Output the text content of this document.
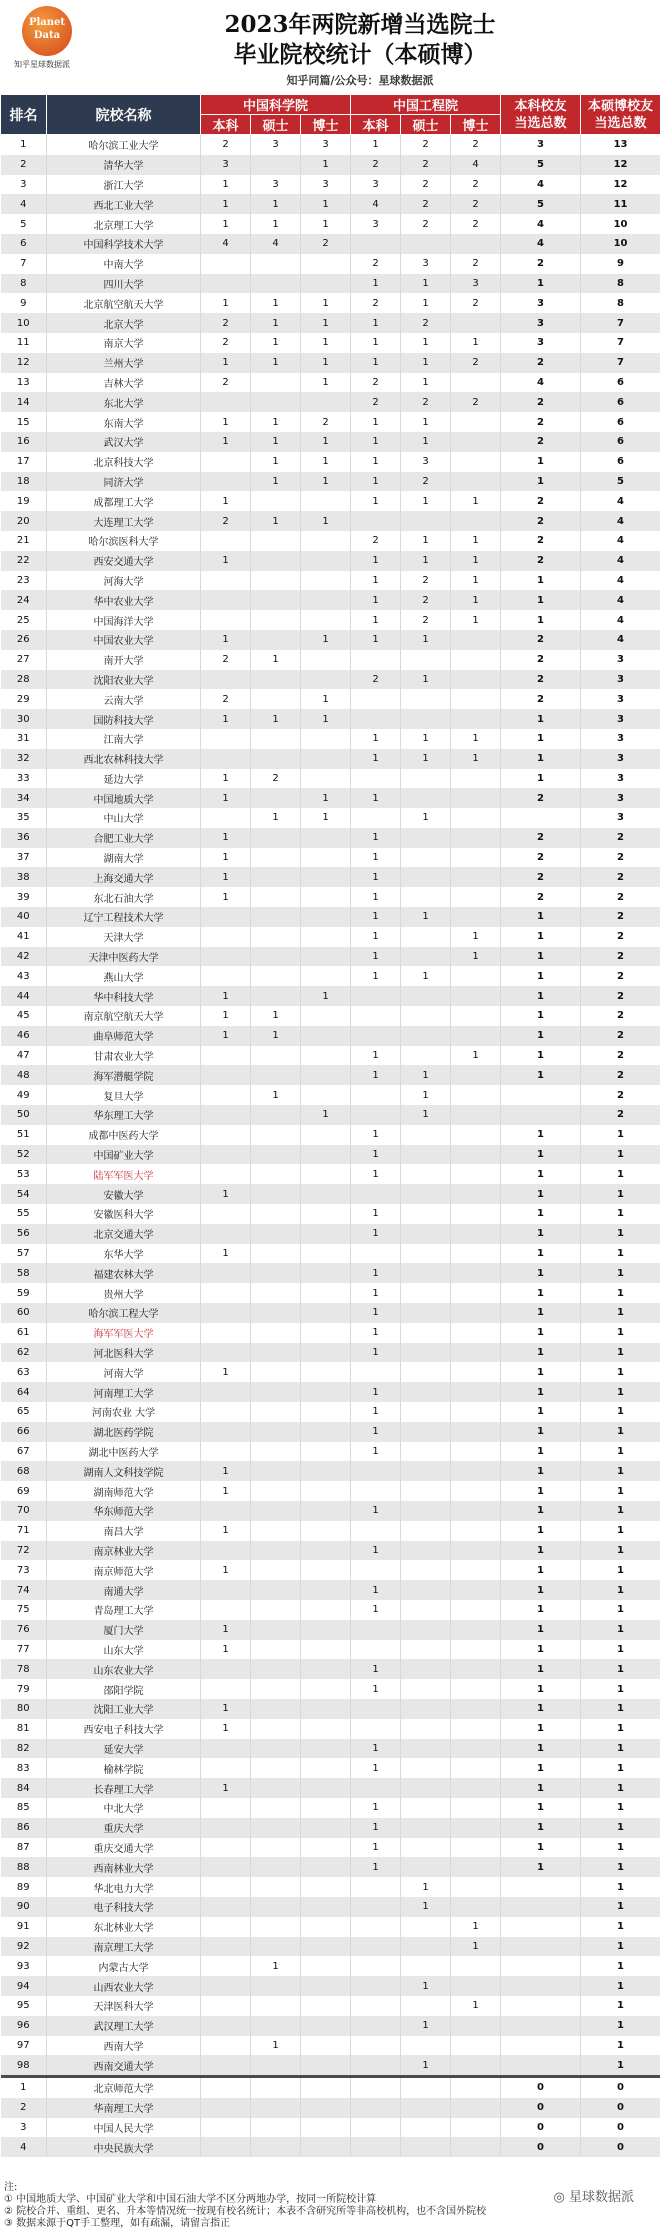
Planet
Data
知乎星球数据派
2023年两院新增当选院士
毕业院校统计（本硕博）
知乎同篇/公众号：星球数据派
排名	院校名称	中国科学院			中国工程院			本科校友
当选总数	本硕博校友
当选总数
		本科	硕士	博士	本科	硕士	博士		
1	哈尔滨工业大学	2	3	3	1	2	2	3	13
2	清华大学	3		1	2	2	4	5	12
3	浙江大学	1	3	3	3	2	2	4	12
4	西北工业大学	1	1	1	4	2	2	5	11
5	北京理工大学	1	1	1	3	2	2	4	10
6	中国科学技术大学	4	4	2				4	10
7	中南大学				2	3	2	2	9
8	四川大学				1	1	3	1	8
9	北京航空航天大学	1	1	1	2	1	2	3	8
10	北京大学	2	1	1	1	2		3	7
11	南京大学	2	1	1	1	1	1	3	7
12	兰州大学	1	1	1	1	1	2	2	7
13	吉林大学	2		1	2	1		4	6
14	东北大学				2	2	2	2	6
15	东南大学	1	1	2	1	1		2	6
16	武汉大学	1	1	1	1	1		2	6
17	北京科技大学		1	1	1	3		1	6
18	同济大学		1	1	1	2		1	5
19	成都理工大学	1			1	1	1	2	4
20	大连理工大学	2	1	1				2	4
21	哈尔滨医科大学				2	1	1	2	4
22	西安交通大学	1			1	1	1	2	4
23	河海大学				1	2	1	1	4
24	华中农业大学				1	2	1	1	4
25	中国海洋大学				1	2	1	1	4
26	中国农业大学	1		1	1	1		2	4
27	南开大学	2	1					2	3
28	沈阳农业大学				2	1		2	3
29	云南大学	2		1				2	3
30	国防科技大学	1	1	1				1	3
31	江南大学				1	1	1	1	3
32	西北农林科技大学				1	1	1	1	3
33	延边大学	1	2					1	3
34	中国地质大学	1		1	1			2	3
35	中山大学		1	1		1			3
36	合肥工业大学	1			1			2	2
37	湖南大学	1			1			2	2
38	上海交通大学	1			1			2	2
39	东北石油大学	1			1			2	2
40	辽宁工程技术大学				1	1		1	2
41	天津大学				1		1	1	2
42	天津中医药大学				1		1	1	2
43	燕山大学				1	1		1	2
44	华中科技大学	1		1				1	2
45	南京航空航天大学	1	1					1	2
46	曲阜师范大学	1	1					1	2
47	甘肃农业大学				1		1	1	2
48	海军潜艇学院				1	1		1	2
49	复旦大学		1			1			2
50	华东理工大学			1		1			2
51	成都中医药大学				1			1	1
52	中国矿业大学				1			1	1
53	陆军军医大学				1			1	1
54	安徽大学	1						1	1
55	安徽医科大学				1			1	1
56	北京交通大学				1			1	1
57	东华大学	1						1	1
58	福建农林大学				1			1	1
59	贵州大学				1			1	1
60	哈尔滨工程大学				1			1	1
61	海军军医大学				1			1	1
62	河北医科大学				1			1	1
63	河南大学	1						1	1
64	河南理工大学				1			1	1
65	河南农业 大学				1			1	1
66	湖北医药学院				1			1	1
67	湖北中医药大学				1			1	1
68	湖南人文科技学院	1						1	1
69	湖南师范大学	1						1	1
70	华东师范大学				1			1	1
71	南昌大学	1						1	1
72	南京林业大学				1			1	1
73	南京师范大学	1						1	1
74	南通大学				1			1	1
75	青岛理工大学				1			1	1
76	厦门大学	1						1	1
77	山东大学	1						1	1
78	山东农业大学				1			1	1
79	邵阳学院				1			1	1
80	沈阳工业大学	1						1	1
81	西安电子科技大学	1						1	1
82	延安大学				1			1	1
83	榆林学院				1			1	1
84	长春理工大学	1						1	1
85	中北大学				1			1	1
86	重庆大学				1			1	1
87	重庆交通大学				1			1	1
88	西南林业大学				1			1	1
89	华北电力大学					1			1
90	电子科技大学					1			1
91	东北林业大学						1		1
92	南京理工大学						1		1
93	内蒙古大学		1						1
94	山西农业大学					1			1
95	天津医科大学						1		1
96	武汉理工大学					1			1
97	西南大学		1						1
98	西南交通大学					1			1

1	北京师范大学							0	0
2	华南理工大学							0	0
3	中国人民大学							0	0
4	中央民族大学							0	0
注:
① 中国地质大学、中国矿业大学和中国石油大学不区分两地办学，按同一所院校计算
② 院校合并、重组、更名、升本等情况统一按现有校名统计；本表不含研究所等非高校机构，也不含国外院校
③ 数据来源于QT手工整理，如有疏漏，请留言指正
◎ 星球数据派
